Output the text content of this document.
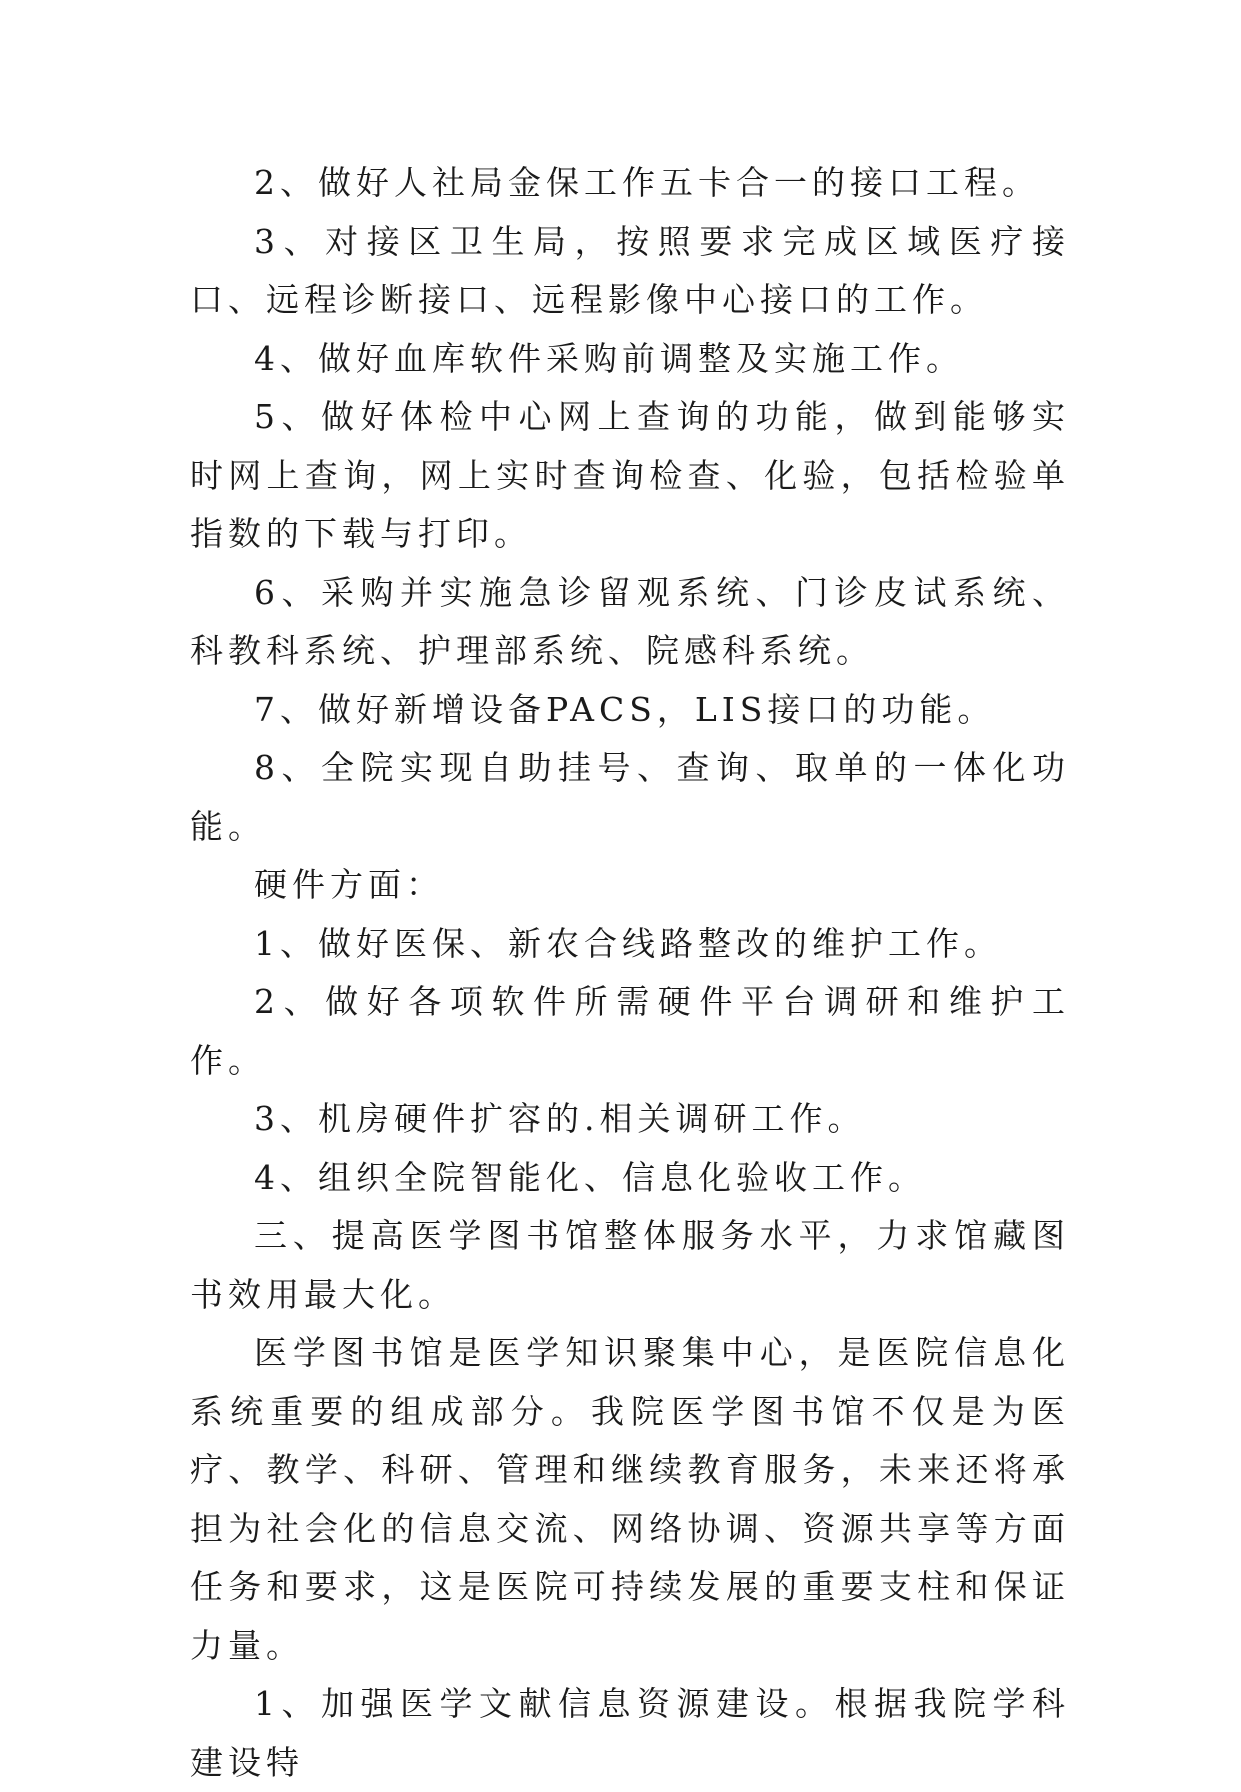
2、做好人社局金保工作五卡合一的接口工程。

3、对接区卫生局，按照要求完成区域医疗接口、远程诊断接口、远程影像中心接口的工作。

4、做好血库软件采购前调整及实施工作。

5、做好体检中心网上查询的功能，做到能够实时网上查询，网上实时查询检查、化验，包括检验单指数的下载与打印。

6、采购并实施急诊留观系统、门诊皮试系统、科教科系统、护理部系统、院感科系统。

7、做好新增设备PACS，LIS接口的功能。

8、全院实现自助挂号、查询、取单的一体化功能。

硬件方面：

1、做好医保、新农合线路整改的维护工作。

2、做好各项软件所需硬件平台调研和维护工作。

3、机房硬件扩容的.相关调研工作。

4、组织全院智能化、信息化验收工作。

三、提高医学图书馆整体服务水平，力求馆藏图书效用最大化。

医学图书馆是医学知识聚集中心，是医院信息化系统重要的组成部分。我院医学图书馆不仅是为医疗、教学、科研、管理和继续教育服务，未来还将承担为社会化的信息交流、网络协调、资源共享等方面任务和要求，这是医院可持续发展的重要支柱和保证力量。

1、加强医学文献信息资源建设。根据我院学科建设特
